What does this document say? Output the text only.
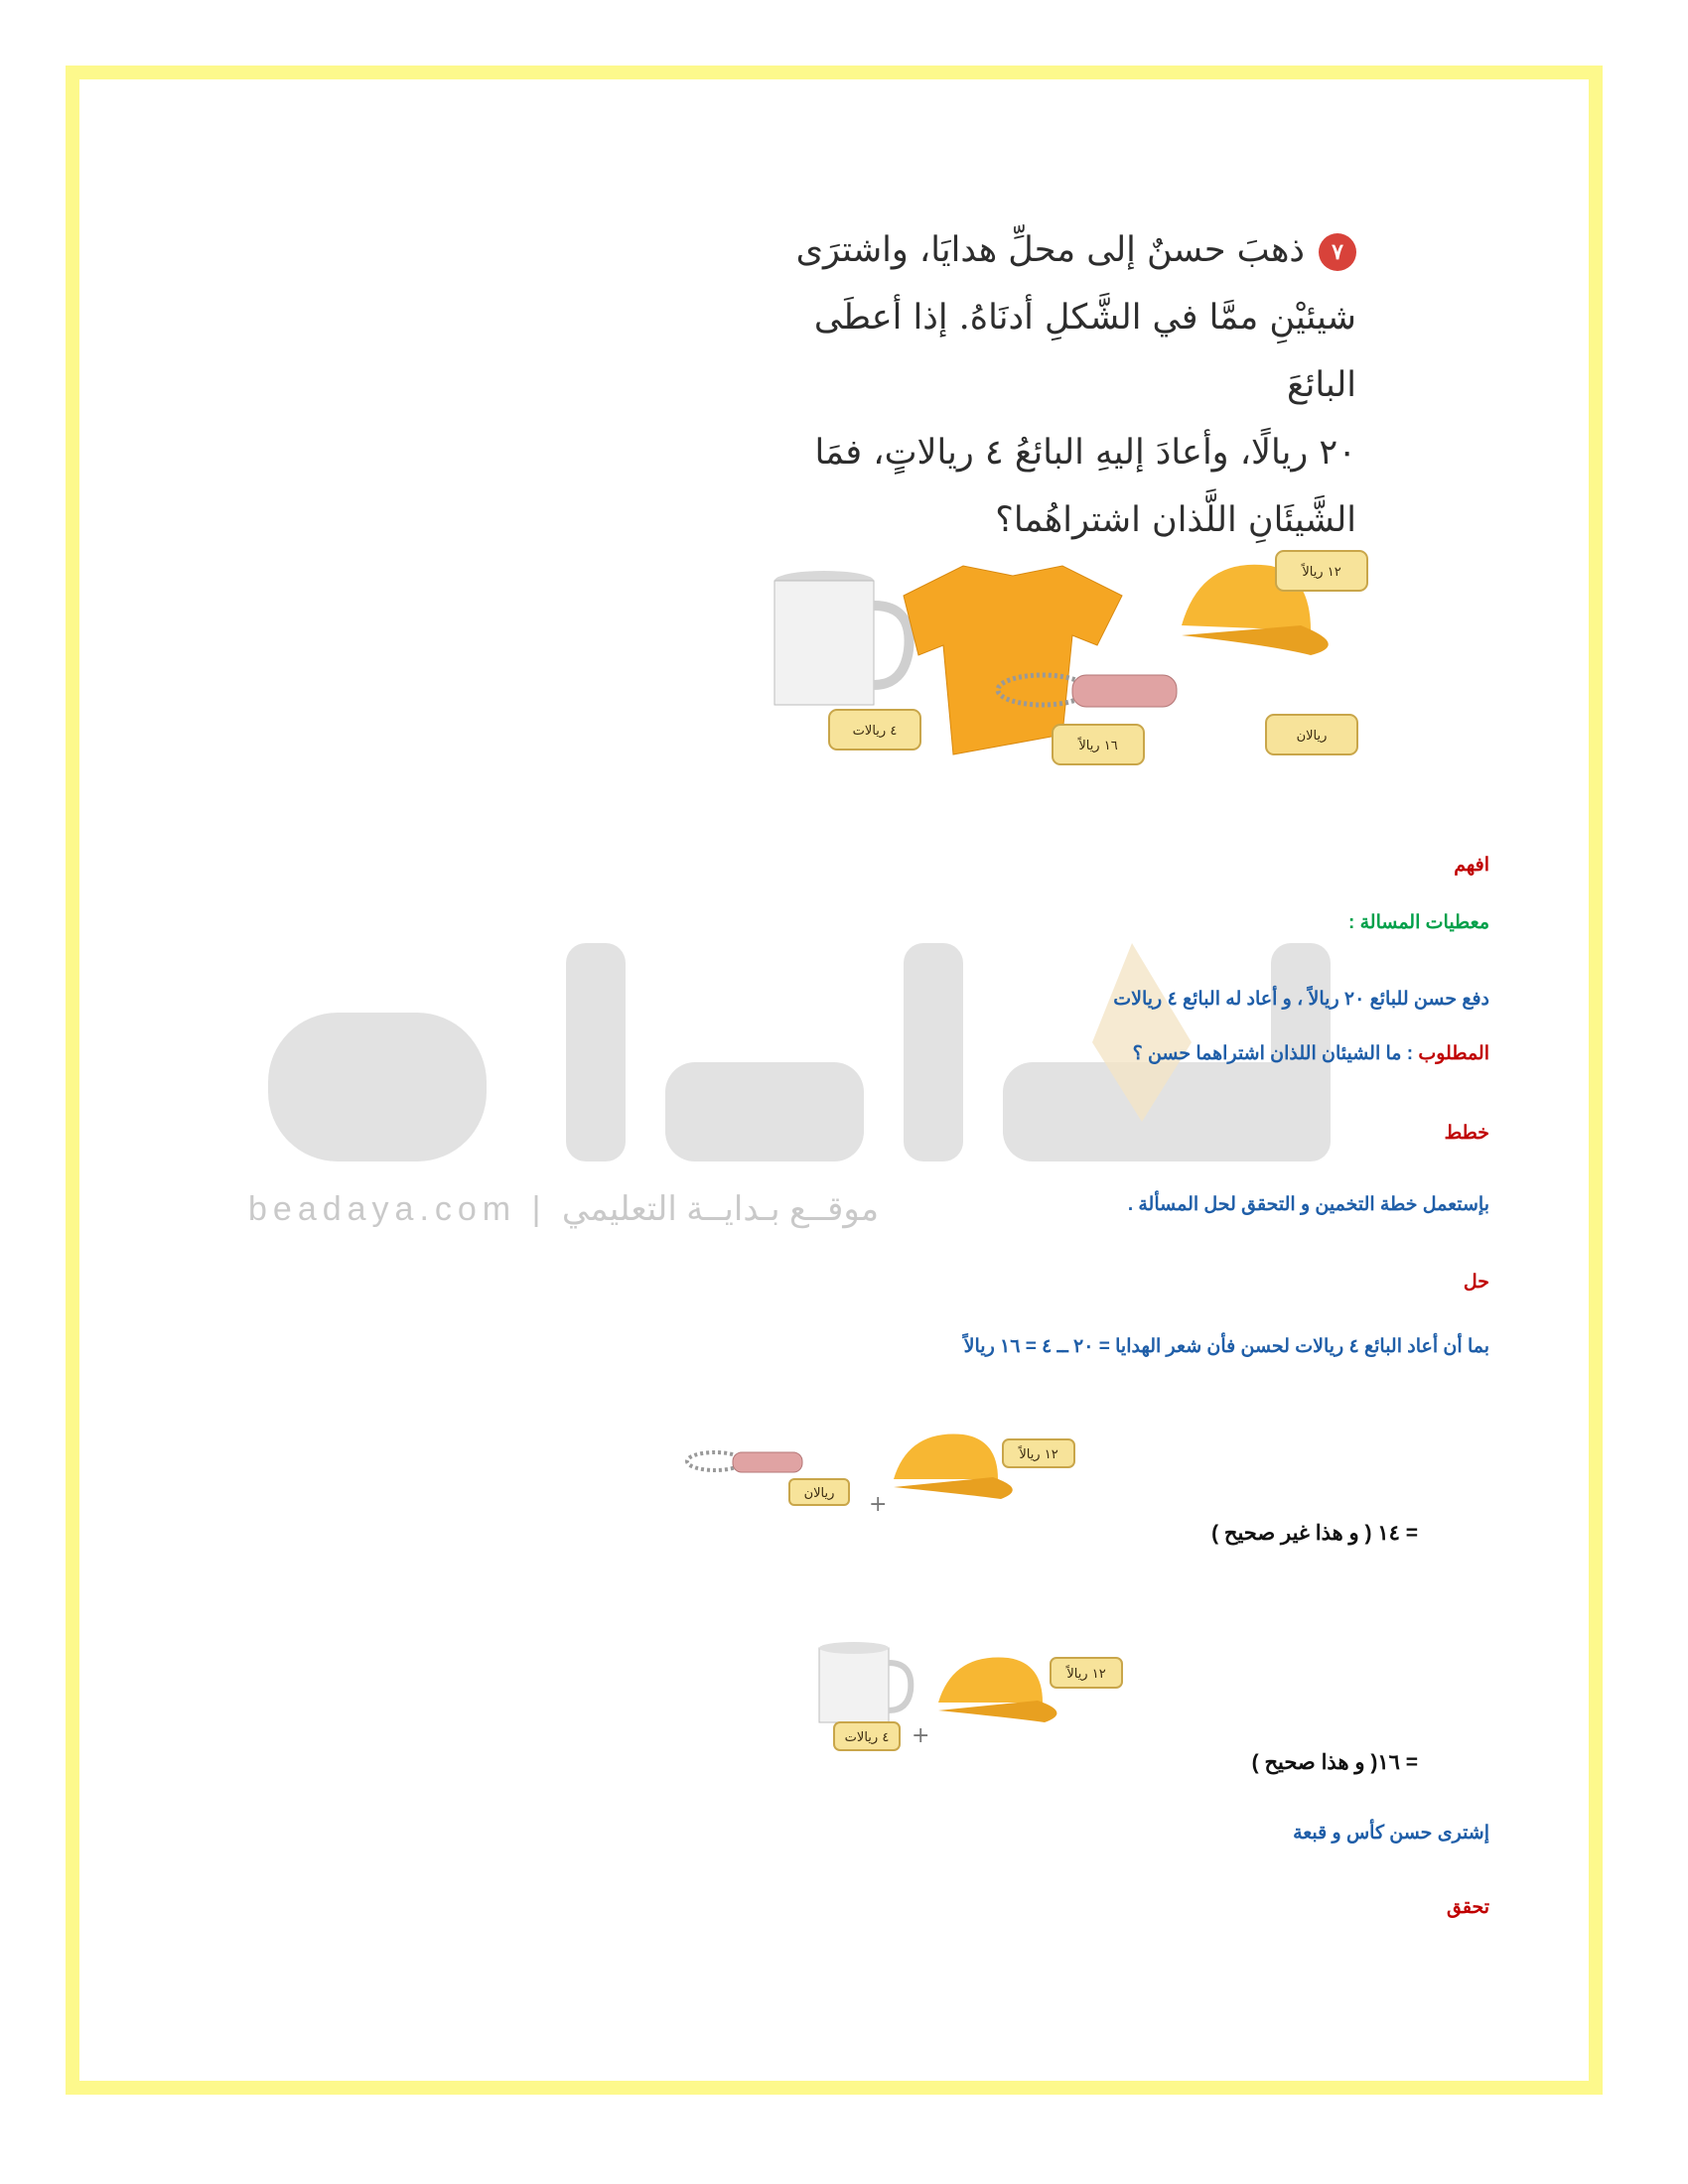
beadaya.com | موقــع بـدايــة التعليمي
٧ذهبَ حسنٌ إلى محلِّ هدايَا، واشترَى
شيئيْنِ ممَّا في الشَّكلِ أدنَاهُ. إذا أعطَى البائعَ
٢٠ ريالًا، وأعادَ إليهِ البائعُ ٤ ريالاتٍ، فمَا
الشَّيئَانِ اللَّذان اشتراهُما؟
٤ ريالات
١٦ ريالاً
١٢ ريالاً
ريالان
افهم
معطيات المسالة :
دفع حسن للبائع ٢٠ ريالاً ، و أعاد له البائع ٤ ريالات
المطلوب : ما الشيئان اللذان اشتراهما حسن ؟
خطط
بإستعمل خطة التخمين و التحقق لحل المسألة .
حل
بما أن أعاد البائع ٤ ريالات لحسن فأن شعر الهدايا = ٢٠ ــ ٤ = ١٦ ريالاً
ريالان +
١٢ ريالاً
= ١٤ ( و هذا غير صحيح )
٤ ريالات +
١٢ ريالاً
= ١٦( و هذا صحيح )
إشترى حسن كأس و قبعة
تحقق
